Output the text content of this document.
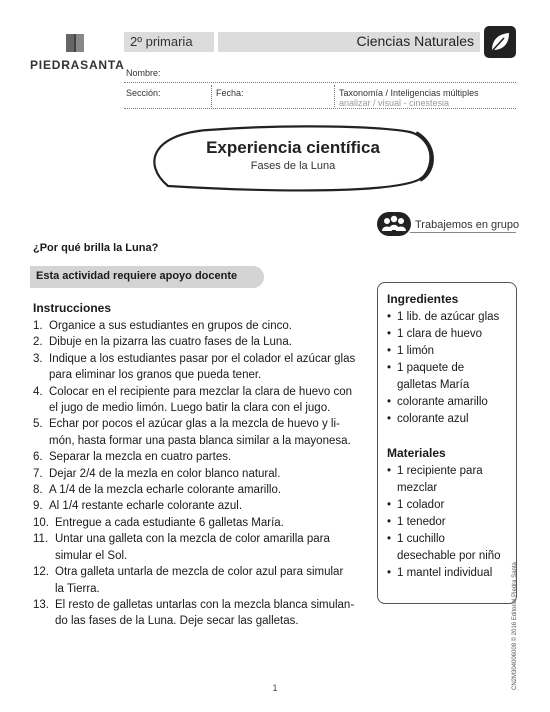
PIEDRASANTA
2º primaria	Ciencias Naturales
Nombre:
Sección:	Fecha:	Taxonomía / Inteligencias múltiples
analizar / visual - cinestesia
Experiencia científica
Fases de la Luna
Trabajemos en grupo
¿Por qué brilla la Luna?
Esta actividad requiere apoyo docente
Instrucciones
1. Organice a sus estudiantes en grupos de cinco.
2. Dibuje en la pizarra las cuatro fases de la Luna.
3. Indique a los estudiantes pasar por el colador el azúcar glas
para eliminar los granos que pueda tener.
4. Colocar en el recipiente para mezclar la clara de huevo con
el jugo de medio limón. Luego batir la clara con el jugo.
5. Echar por pocos el azúcar glas a la mezcla de huevo y li-
món, hasta formar una pasta blanca similar a la mayonesa.
6. Separar la mezcla en cuatro partes.
7. Dejar 2/4 de la mezla en color blanco natural.
8. A 1/4 de la mezcla echarle colorante amarillo.
9. Al 1/4 restante echarle colorante azul.
10. Entregue a cada estudiante 6 galletas María.
11. Untar una galleta con la mezcla de color amarilla para
simular el Sol.
12. Otra galleta untarla de mezcla de color azul para simular
la Tierra.
13. El resto de galletas untarlas con la mezcla blanca simulan-
do las fases de la Luna. Deje secar las galletas.
Ingredientes
• 1 lib. de azúcar glas
• 1 clara de huevo
• 1 limón
• 1 paquete de
galletas María
• colorante amarillo
• colorante azul
Materiales
• 1 recipiente para
mezclar
• 1 colador
• 1 tenedor
• 1 cuchillo
desechable por niño
• 1 mantel individual	CN2M304006008 © 2016 Editorial Piedra Santa
1
